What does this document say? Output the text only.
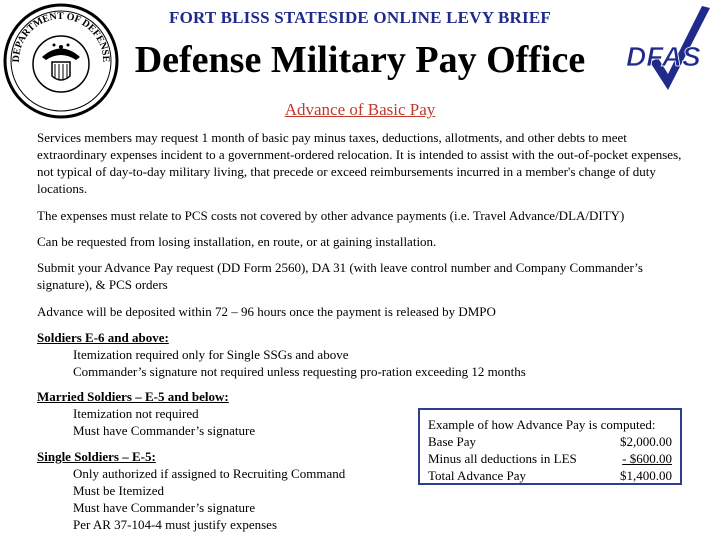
DEPARTMENT OF DEFENSE
FORT BLISS STATESIDE ONLINE LEVY BRIEF
Defense Military Pay Office	DFAS
Advance of Basic Pay
Services members may request 1 month of basic pay minus taxes, deductions, allotments, and other debts to meet extraordinary expenses incident to a government-ordered relocation. It is intended to assist with the out-of-pocket expenses, not typical of day-to-day military living, that precede or exceed reimbursements incurred in a member's change of duty locations.
The expenses must relate to PCS costs not covered by other advance payments (i.e. Travel Advance/DLA/DITY)
Can be requested from losing installation, en route, or at gaining installation.
Submit your Advance Pay request (DD Form 2560), DA 31 (with leave control number and Company Commander’s signature), & PCS orders
Advance will be deposited within 72 – 96 hours once the payment is released by DMPO
Soldiers E-6 and above:
Itemization required only for Single SSGs and above
Commander’s signature not required unless requesting pro-ration exceeding 12 months
Married Soldiers – E-5 and below:
Itemization not required
Must have Commander’s signature
Single Soldiers – E-5:
Only authorized if assigned to Recruiting Command
Must be Itemized
Must have Commander’s signature
Per AR 37-104-4 must justify expenses
Example of how Advance Pay is computed:
Base Pay	$2,000.00
Minus all deductions in LES	- $600.00
Total Advance Pay	$1,400.00
